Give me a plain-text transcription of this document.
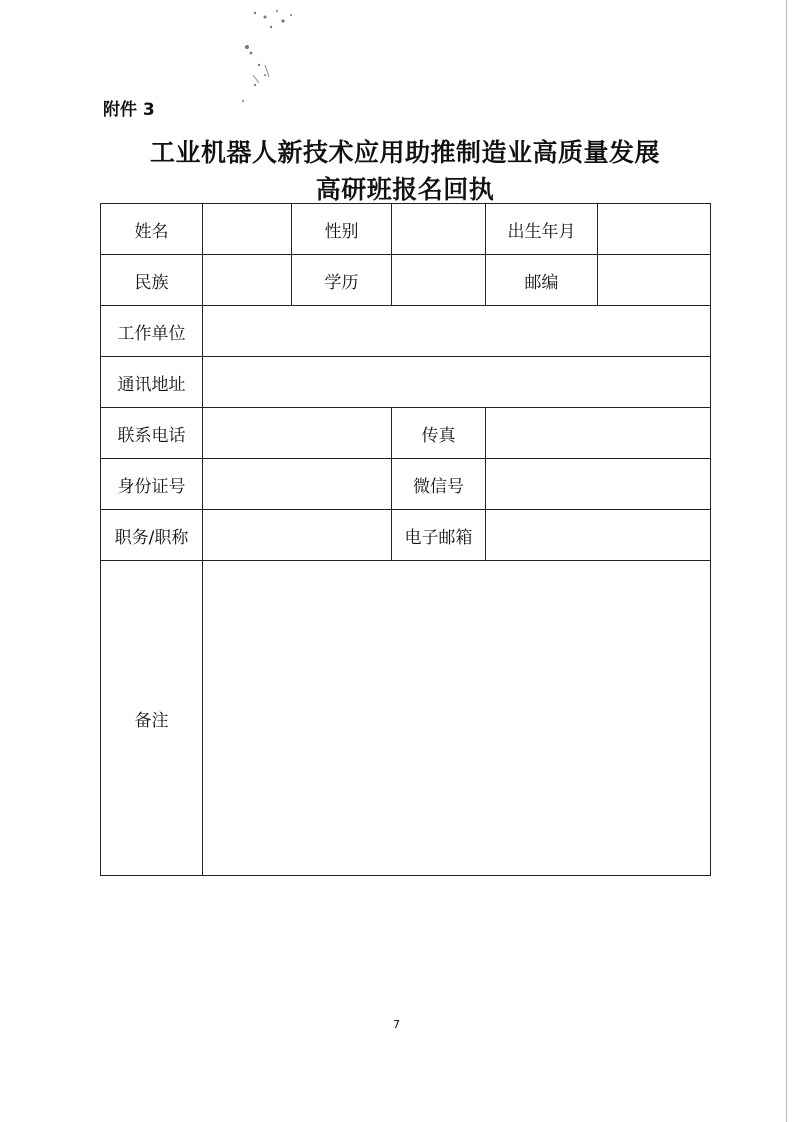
附件 3
工业机器人新技术应用助推制造业高质量发展
高研班报名回执
姓名		性别		出生年月	
民族		学历		邮编	
工作单位					
通讯地址					
联系电话			传真		
身份证号			微信号		
职务/职称			电子邮箱		
备注					
7
